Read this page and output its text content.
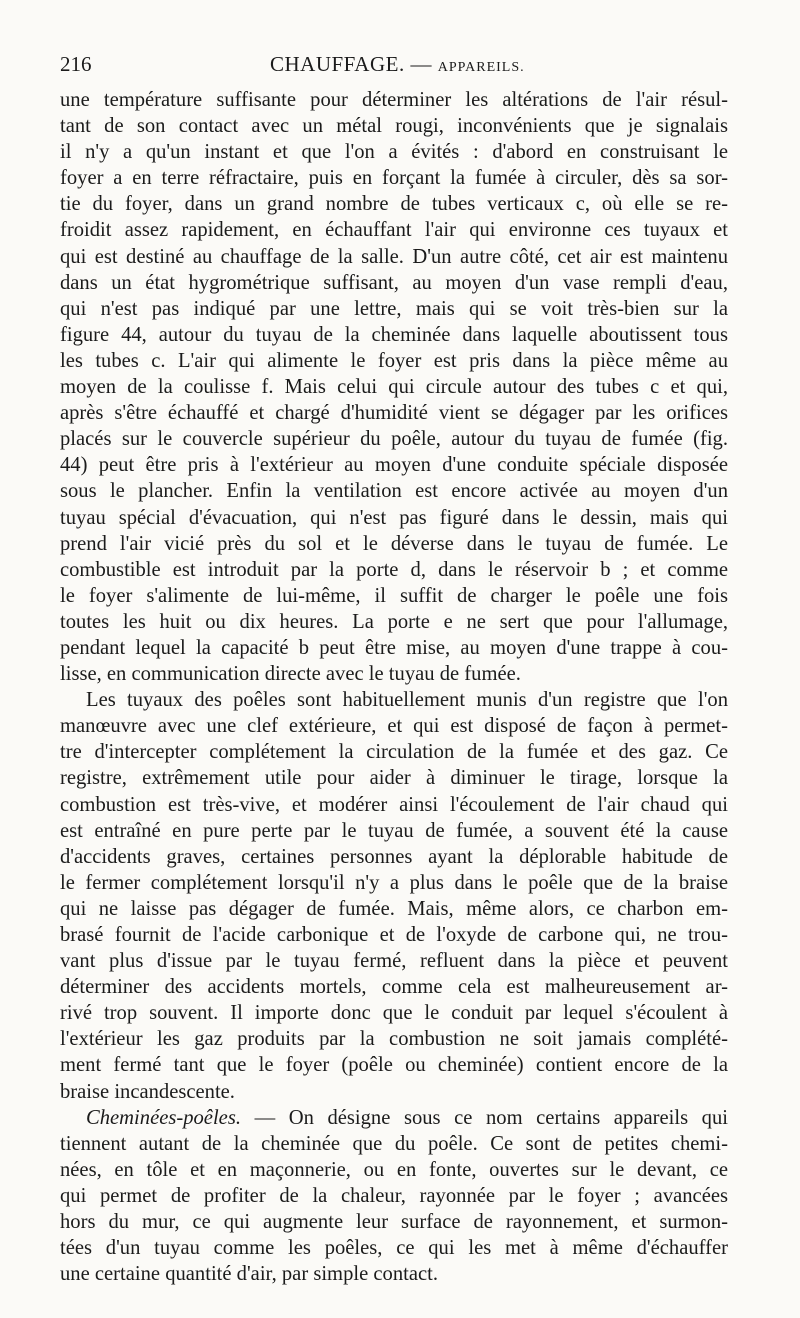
216	CHAUFFAGE. — APPAREILS.
une température suffisante pour déterminer les altérations de l'air résul-
tant de son contact avec un métal rougi, inconvénients que je signalais
il n'y a qu'un instant et que l'on a évités : d'abord en construisant le
foyer a en terre réfractaire, puis en forçant la fumée à circuler, dès sa sor-
tie du foyer, dans un grand nombre de tubes verticaux c, où elle se re-
froidit assez rapidement, en échauffant l'air qui environne ces tuyaux et
qui est destiné au chauffage de la salle. D'un autre côté, cet air est maintenu
dans un état hygrométrique suffisant, au moyen d'un vase rempli d'eau,
qui n'est pas indiqué par une lettre, mais qui se voit très-bien sur la
figure 44, autour du tuyau de la cheminée dans laquelle aboutissent tous
les tubes c. L'air qui alimente le foyer est pris dans la pièce même au
moyen de la coulisse f. Mais celui qui circule autour des tubes c et qui,
après s'être échauffé et chargé d'humidité vient se dégager par les orifices
placés sur le couvercle supérieur du poêle, autour du tuyau de fumée (fig.
44) peut être pris à l'extérieur au moyen d'une conduite spéciale disposée
sous le plancher. Enfin la ventilation est encore activée au moyen d'un
tuyau spécial d'évacuation, qui n'est pas figuré dans le dessin, mais qui
prend l'air vicié près du sol et le déverse dans le tuyau de fumée. Le
combustible est introduit par la porte d, dans le réservoir b ; et comme
le foyer s'alimente de lui-même, il suffit de charger le poêle une fois
toutes les huit ou dix heures. La porte e ne sert que pour l'allumage,
pendant lequel la capacité b peut être mise, au moyen d'une trappe à cou-
lisse, en communication directe avec le tuyau de fumée.
Les tuyaux des poêles sont habituellement munis d'un registre que l'on
manœuvre avec une clef extérieure, et qui est disposé de façon à permet-
tre d'intercepter complétement la circulation de la fumée et des gaz. Ce
registre, extrêmement utile pour aider à diminuer le tirage, lorsque la
combustion est très-vive, et modérer ainsi l'écoulement de l'air chaud qui
est entraîné en pure perte par le tuyau de fumée, a souvent été la cause
d'accidents graves, certaines personnes ayant la déplorable habitude de
le fermer complétement lorsqu'il n'y a plus dans le poêle que de la braise
qui ne laisse pas dégager de fumée. Mais, même alors, ce charbon em-
brasé fournit de l'acide carbonique et de l'oxyde de carbone qui, ne trou-
vant plus d'issue par le tuyau fermé, refluent dans la pièce et peuvent
déterminer des accidents mortels, comme cela est malheureusement ar-
rivé trop souvent. Il importe donc que le conduit par lequel s'écoulent à
l'extérieur les gaz produits par la combustion ne soit jamais complété-
ment fermé tant que le foyer (poêle ou cheminée) contient encore de la
braise incandescente.
Cheminées-poêles. — On désigne sous ce nom certains appareils qui
tiennent autant de la cheminée que du poêle. Ce sont de petites chemi-
nées, en tôle et en maçonnerie, ou en fonte, ouvertes sur le devant, ce
qui permet de profiter de la chaleur, rayonnée par le foyer ; avancées
hors du mur, ce qui augmente leur surface de rayonnement, et surmon-
tées d'un tuyau comme les poêles, ce qui les met à même d'échauffer
une certaine quantité d'air, par simple contact.
